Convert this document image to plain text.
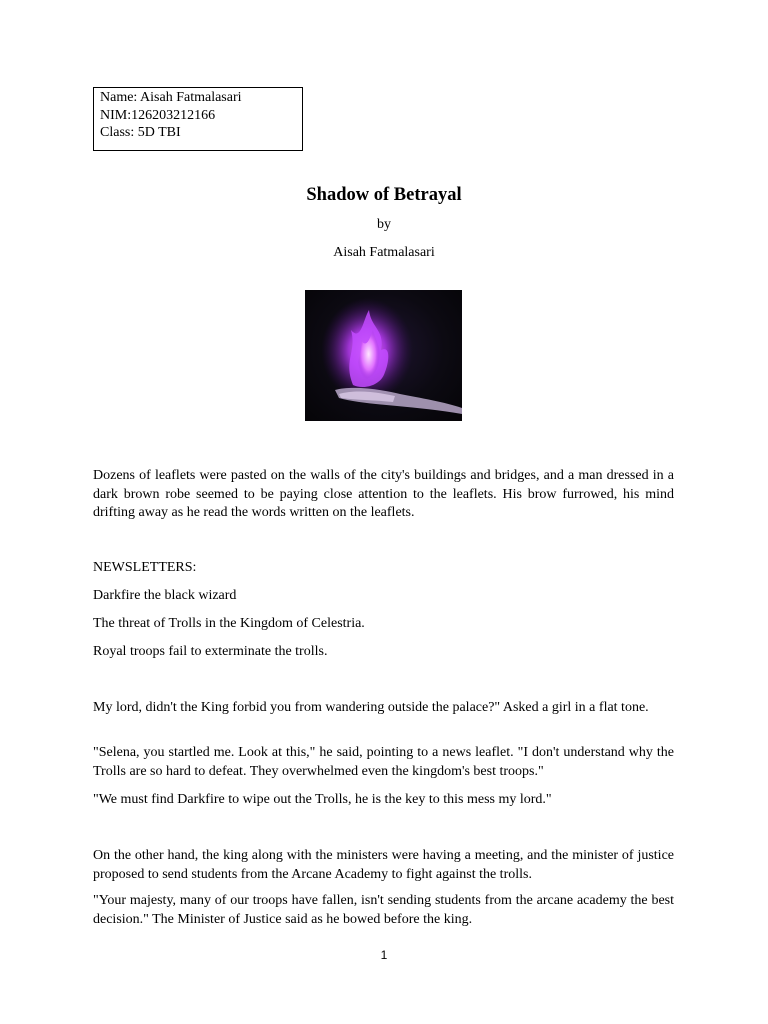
Name: Aisah Fatmalasari
NIM:126203212166
Class: 5D TBI
Shadow of Betrayal
by
Aisah Fatmalasari
Dozens of leaflets were pasted on the walls of the city's buildings and bridges, and a man dressed in a dark brown robe seemed to be paying close attention to the leaflets. His brow furrowed, his mind drifting away as he read the words written on the leaflets.
NEWSLETTERS:
Darkfire the black wizard
The threat of Trolls in the Kingdom of Celestria.
Royal troops fail to exterminate the trolls.
My lord, didn't the King forbid you from wandering outside the palace?" Asked a girl in a flat tone.
"Selena, you startled me. Look at this," he said, pointing to a news leaflet. "I don't understand why the Trolls are so hard to defeat. They overwhelmed even the kingdom's best troops."
"We must find Darkfire to wipe out the Trolls, he is the key to this mess my lord."
On the other hand, the king along with the ministers were having a meeting, and the minister of justice proposed to send students from the Arcane Academy to fight against the trolls.
"Your majesty, many of our troops have fallen, isn't sending students from the arcane academy the best decision." The Minister of Justice said as he bowed before the king.
1
